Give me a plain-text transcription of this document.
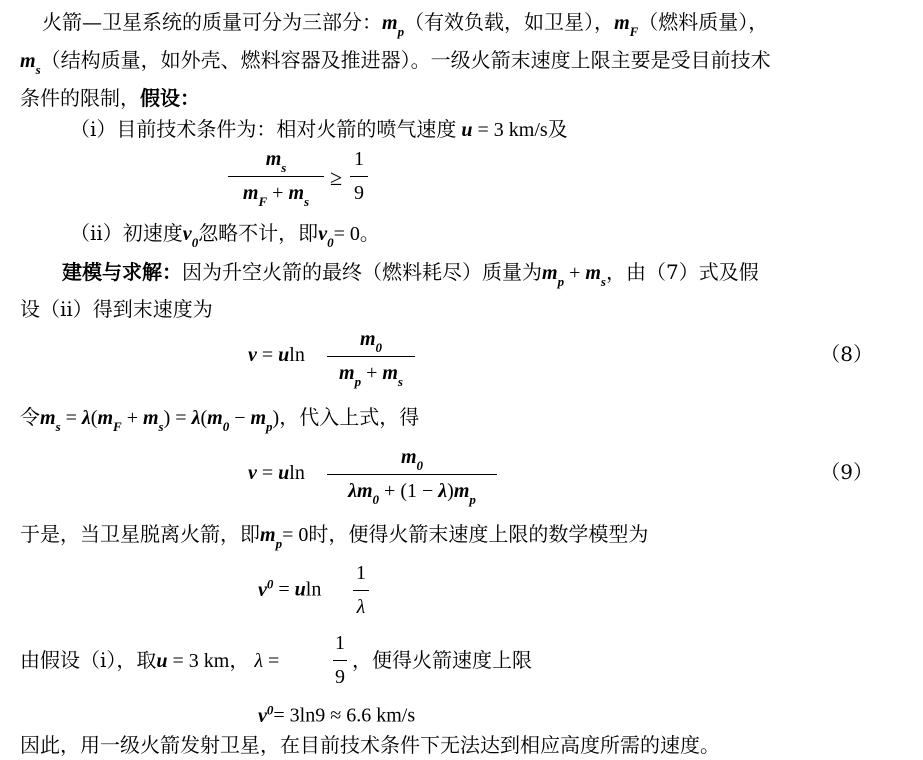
火箭—卫星系统的质量可分为三部分：$m_p$（有效负载，如卫星），$m_F$（燃料质量），
$m_s$（结构质量，如外壳、燃料容器及推进器）。一级火箭末速度上限主要是受目前技术
条件的限制，假设：
（i）目前技术条件为：相对火箭的喷气速度 u = 3 km/s及
$m_s$
$m_F + m_s$
≥
1
9
（ii）初速度$v_0$忽略不计，即$v_0= 0$。
建模与求解：因为升空火箭的最终（燃料耗尽）质量为$m_p + m_s$，由（7）式及假
设（ii）得到末速度为
v = uln
$m_0$
$m_p + m_s$
（8）
令$m_s = \lambda(m_F + m_s) = \lambda(m_0 - m_p)$，代入上式，得
v = uln
$m_0$
$\lambda m_0 + (1 - \lambda)m_p$
（9）
于是，当卫星脱离火箭，即$m_p= 0$时，便得火箭末速度上限的数学模型为
$v^0 = uln$
1
λ
由假设（i），取u = 3 km， λ =
1
9
，便得火箭速度上限
$v^0= 3\ln 9 \approx 6.6$ km/s
因此，用一级火箭发射卫星，在目前技术条件下无法达到相应高度所需的速度。
